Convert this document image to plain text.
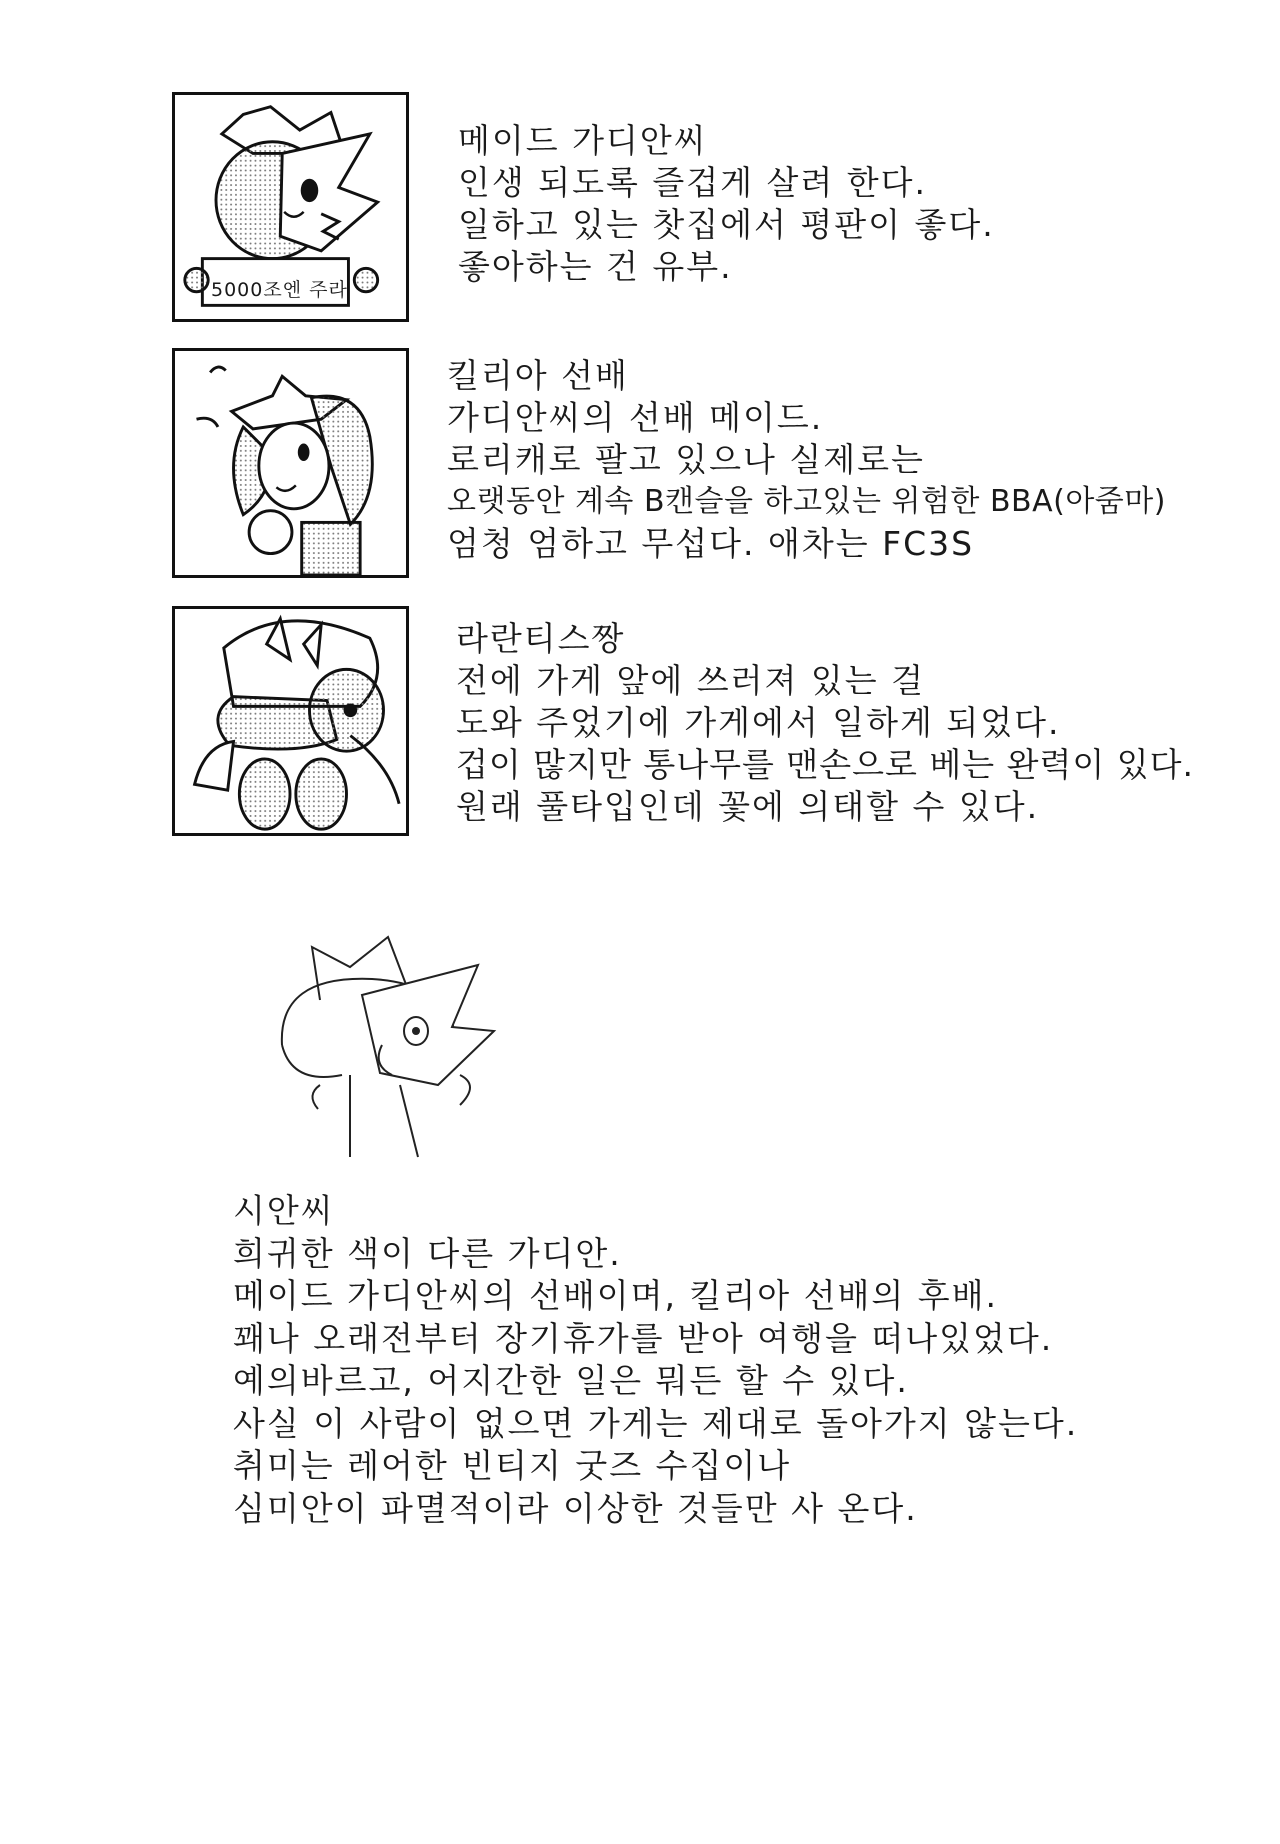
5000조엔 주라
메이드 가디안씨
인생 되도록 즐겁게 살려 한다.
일하고 있는 찻집에서 평판이 좋다.
좋아하는 건 유부.
킬리아 선배
가디안씨의 선배 메이드.
로리캐로 팔고 있으나 실제로는
오랫동안 계속 B캔슬을 하고있는 위험한 BBA(아줌마)
엄청 엄하고 무섭다. 애차는 FC3S
라란티스짱
전에 가게 앞에 쓰러져 있는 걸
도와 주었기에 가게에서 일하게 되었다.
겁이 많지만 통나무를 맨손으로 베는 완력이 있다.
원래 풀타입인데 꽃에 의태할 수 있다.
시안씨
희귀한 색이 다른 가디안.
메이드 가디안씨의 선배이며, 킬리아 선배의 후배.
꽤나 오래전부터 장기휴가를 받아 여행을 떠나있었다.
예의바르고, 어지간한 일은 뭐든 할 수 있다.
사실 이 사람이 없으면 가게는 제대로 돌아가지 않는다.
취미는 레어한 빈티지 굿즈 수집이나
심미안이 파멸적이라 이상한 것들만 사 온다.
